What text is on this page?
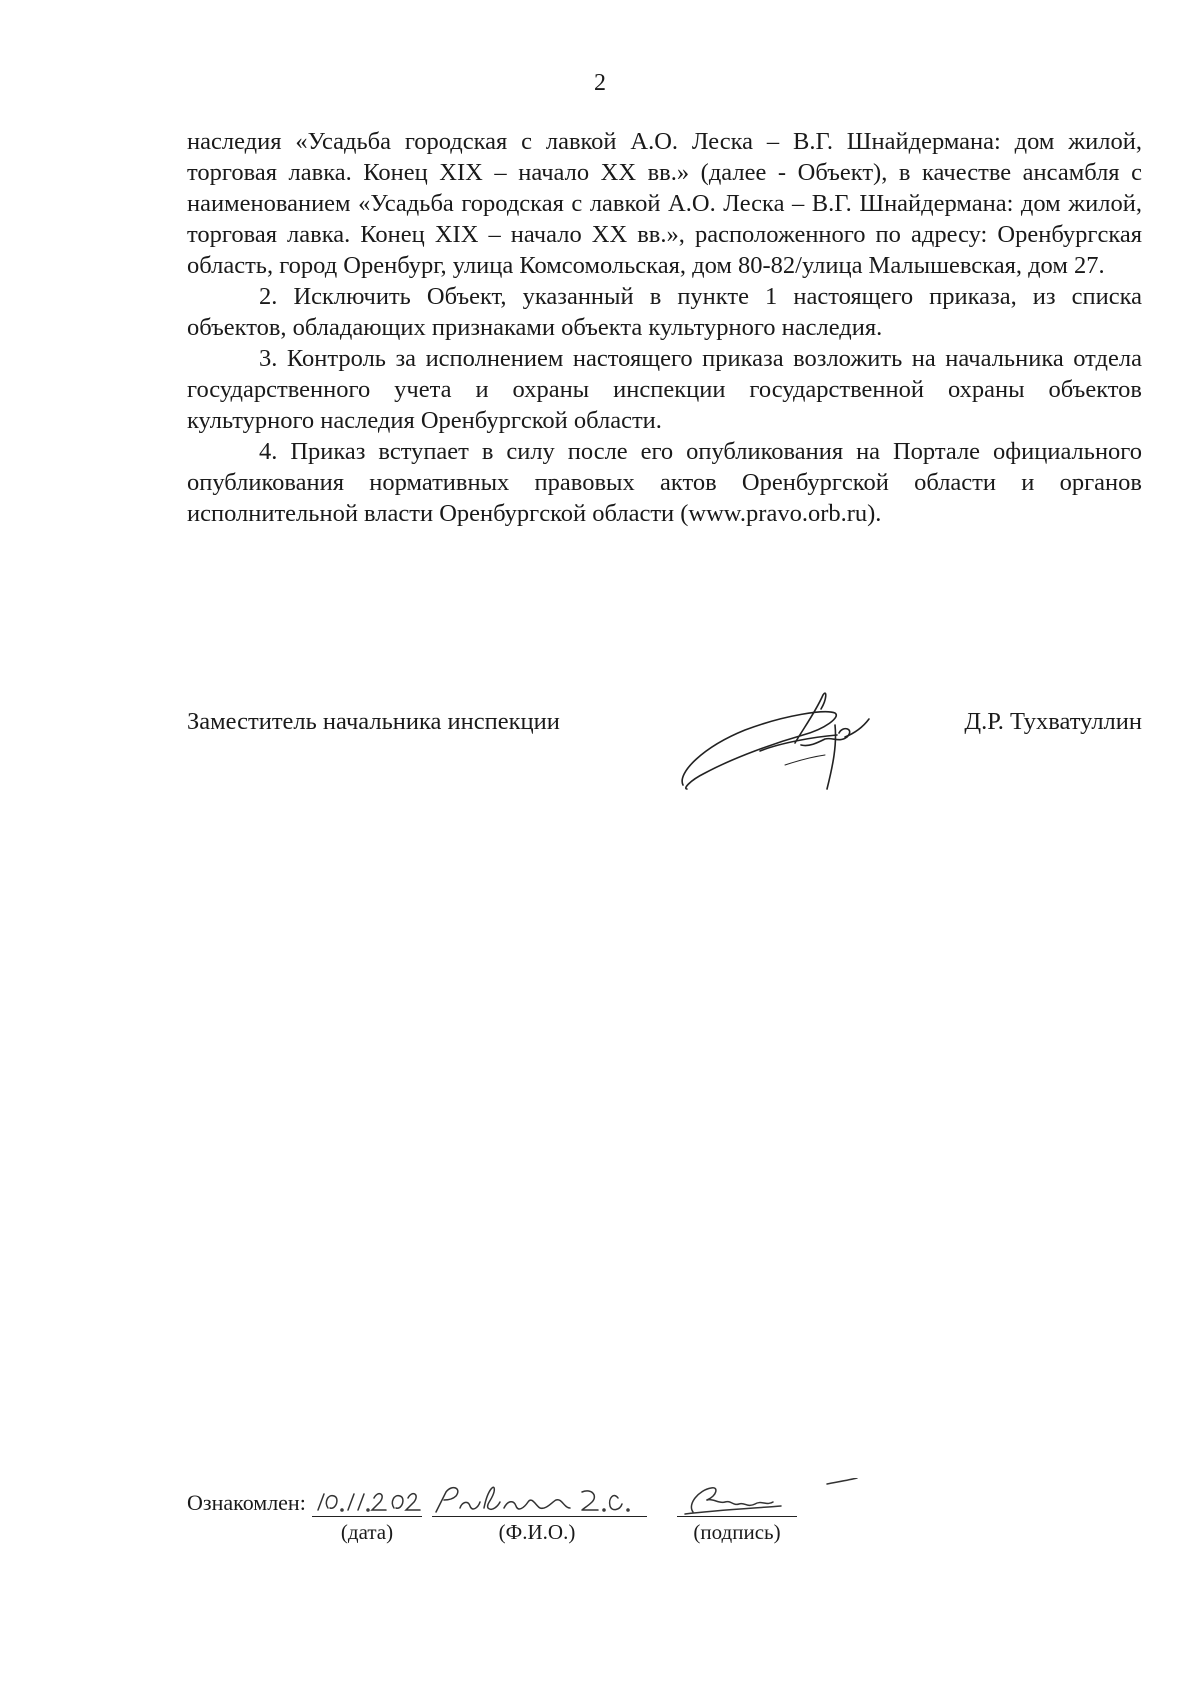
2

наследия «Усадьба городская с лавкой А.О. Леска – В.Г. Шнайдермана: дом жилой, торговая лавка. Конец XIX – начало XX вв.» (далее - Объект), в качестве ансамбля с наименованием «Усадьба городская с лавкой А.О. Леска – В.Г. Шнайдермана: дом жилой, торговая лавка. Конец XIX – начало XX вв.», расположенного по адресу: Оренбургская область, город Оренбург, улица Комсомольская, дом 80-82/улица Малышевская, дом 27.

2. Исключить Объект, указанный в пункте 1 настоящего приказа, из списка объектов, обладающих признаками объекта культурного наследия.

3. Контроль за исполнением настоящего приказа возложить на начальника отдела государственного учета и охраны инспекции государственной охраны объектов культурного наследия Оренбургской области.

4. Приказ вступает в силу после его опубликования на Портале официального опубликования нормативных правовых актов Оренбургской области и органов исполнительной власти Оренбургской области (www.pravo.orb.ru).

Заместитель начальника инспекции	Д.Р. Тухватуллин
Ознакомлен:
(дата)	(Ф.И.О.)	(подпись)
